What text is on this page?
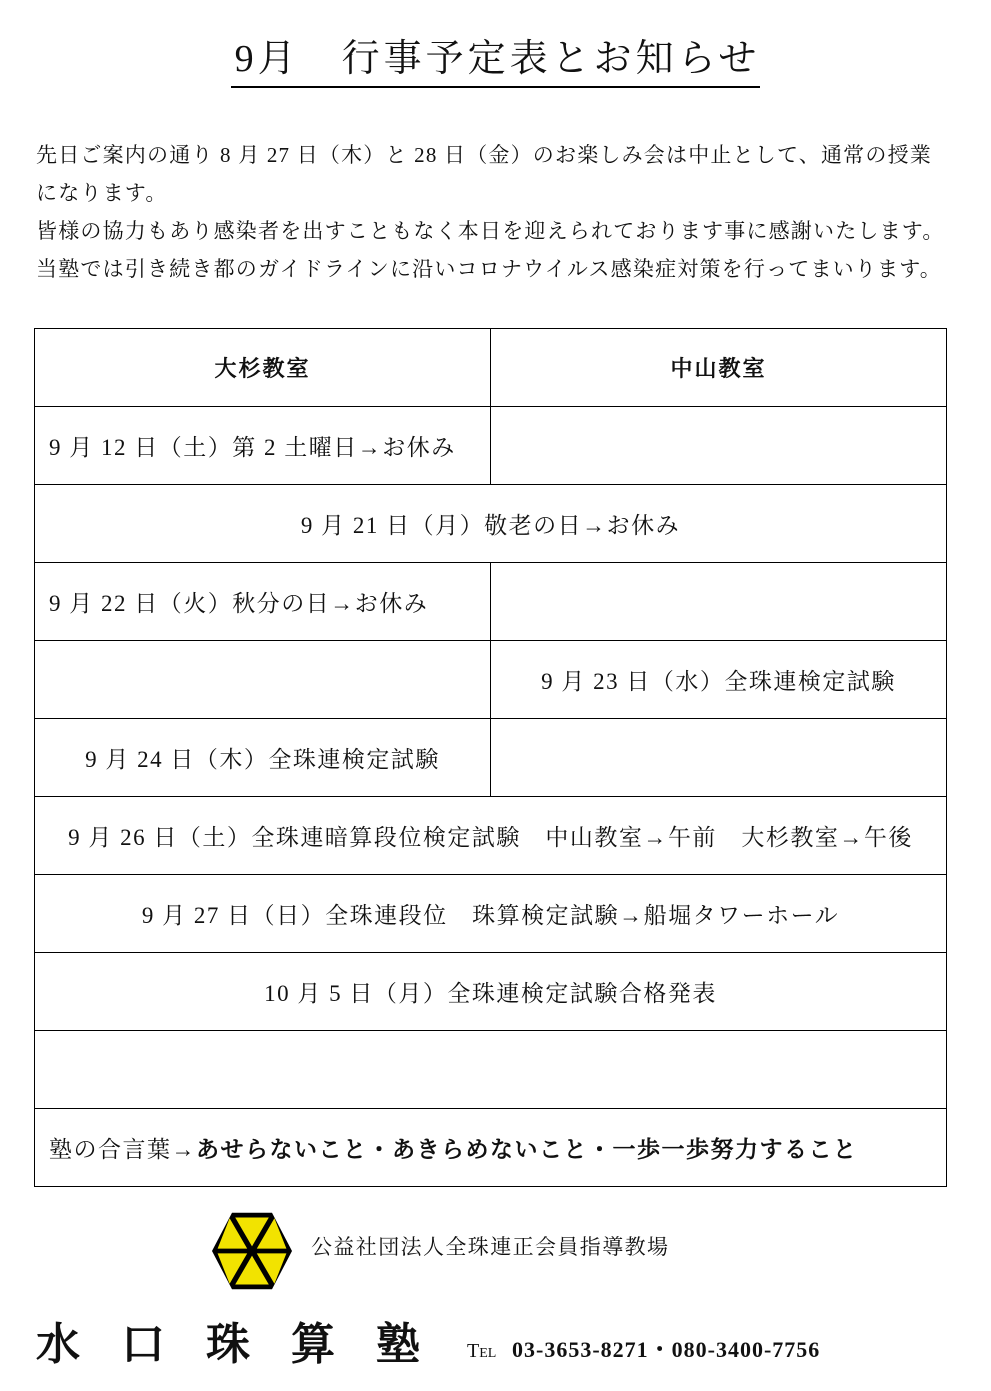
9月　行事予定表とお知らせ
先日ご案内の通り 8 月 27 日（木）と 28 日（金）のお楽しみ会は中止として、通常の授業
になります。
皆様の協力もあり感染者を出すこともなく本日を迎えられております事に感謝いたします。
当塾では引き続き都のガイドラインに沿いコロナウイルス感染症対策を行ってまいります。
大杉教室	中山教室
9 月 12 日（土）第 2 土曜日→お休み	
9 月 21 日（月）敬老の日→お休み	
9 月 22 日（火）秋分の日→お休み	
	9 月 23 日（水）全珠連検定試験
9 月 24 日（木）全珠連検定試験	
9 月 26 日（土）全珠連暗算段位検定試験　中山教室→午前　大杉教室→午後	
9 月 27 日（日）全珠連段位　珠算検定試験→船堀タワーホール	
10 月 5 日（月）全珠連検定試験合格発表	

塾の合言葉→あせらないこと・あきらめないこと・一歩一歩努力すること	
公益社団法人全珠連正会員指導教場
水口珠算塾 Tel 03-3653-8271・080-3400-7756
